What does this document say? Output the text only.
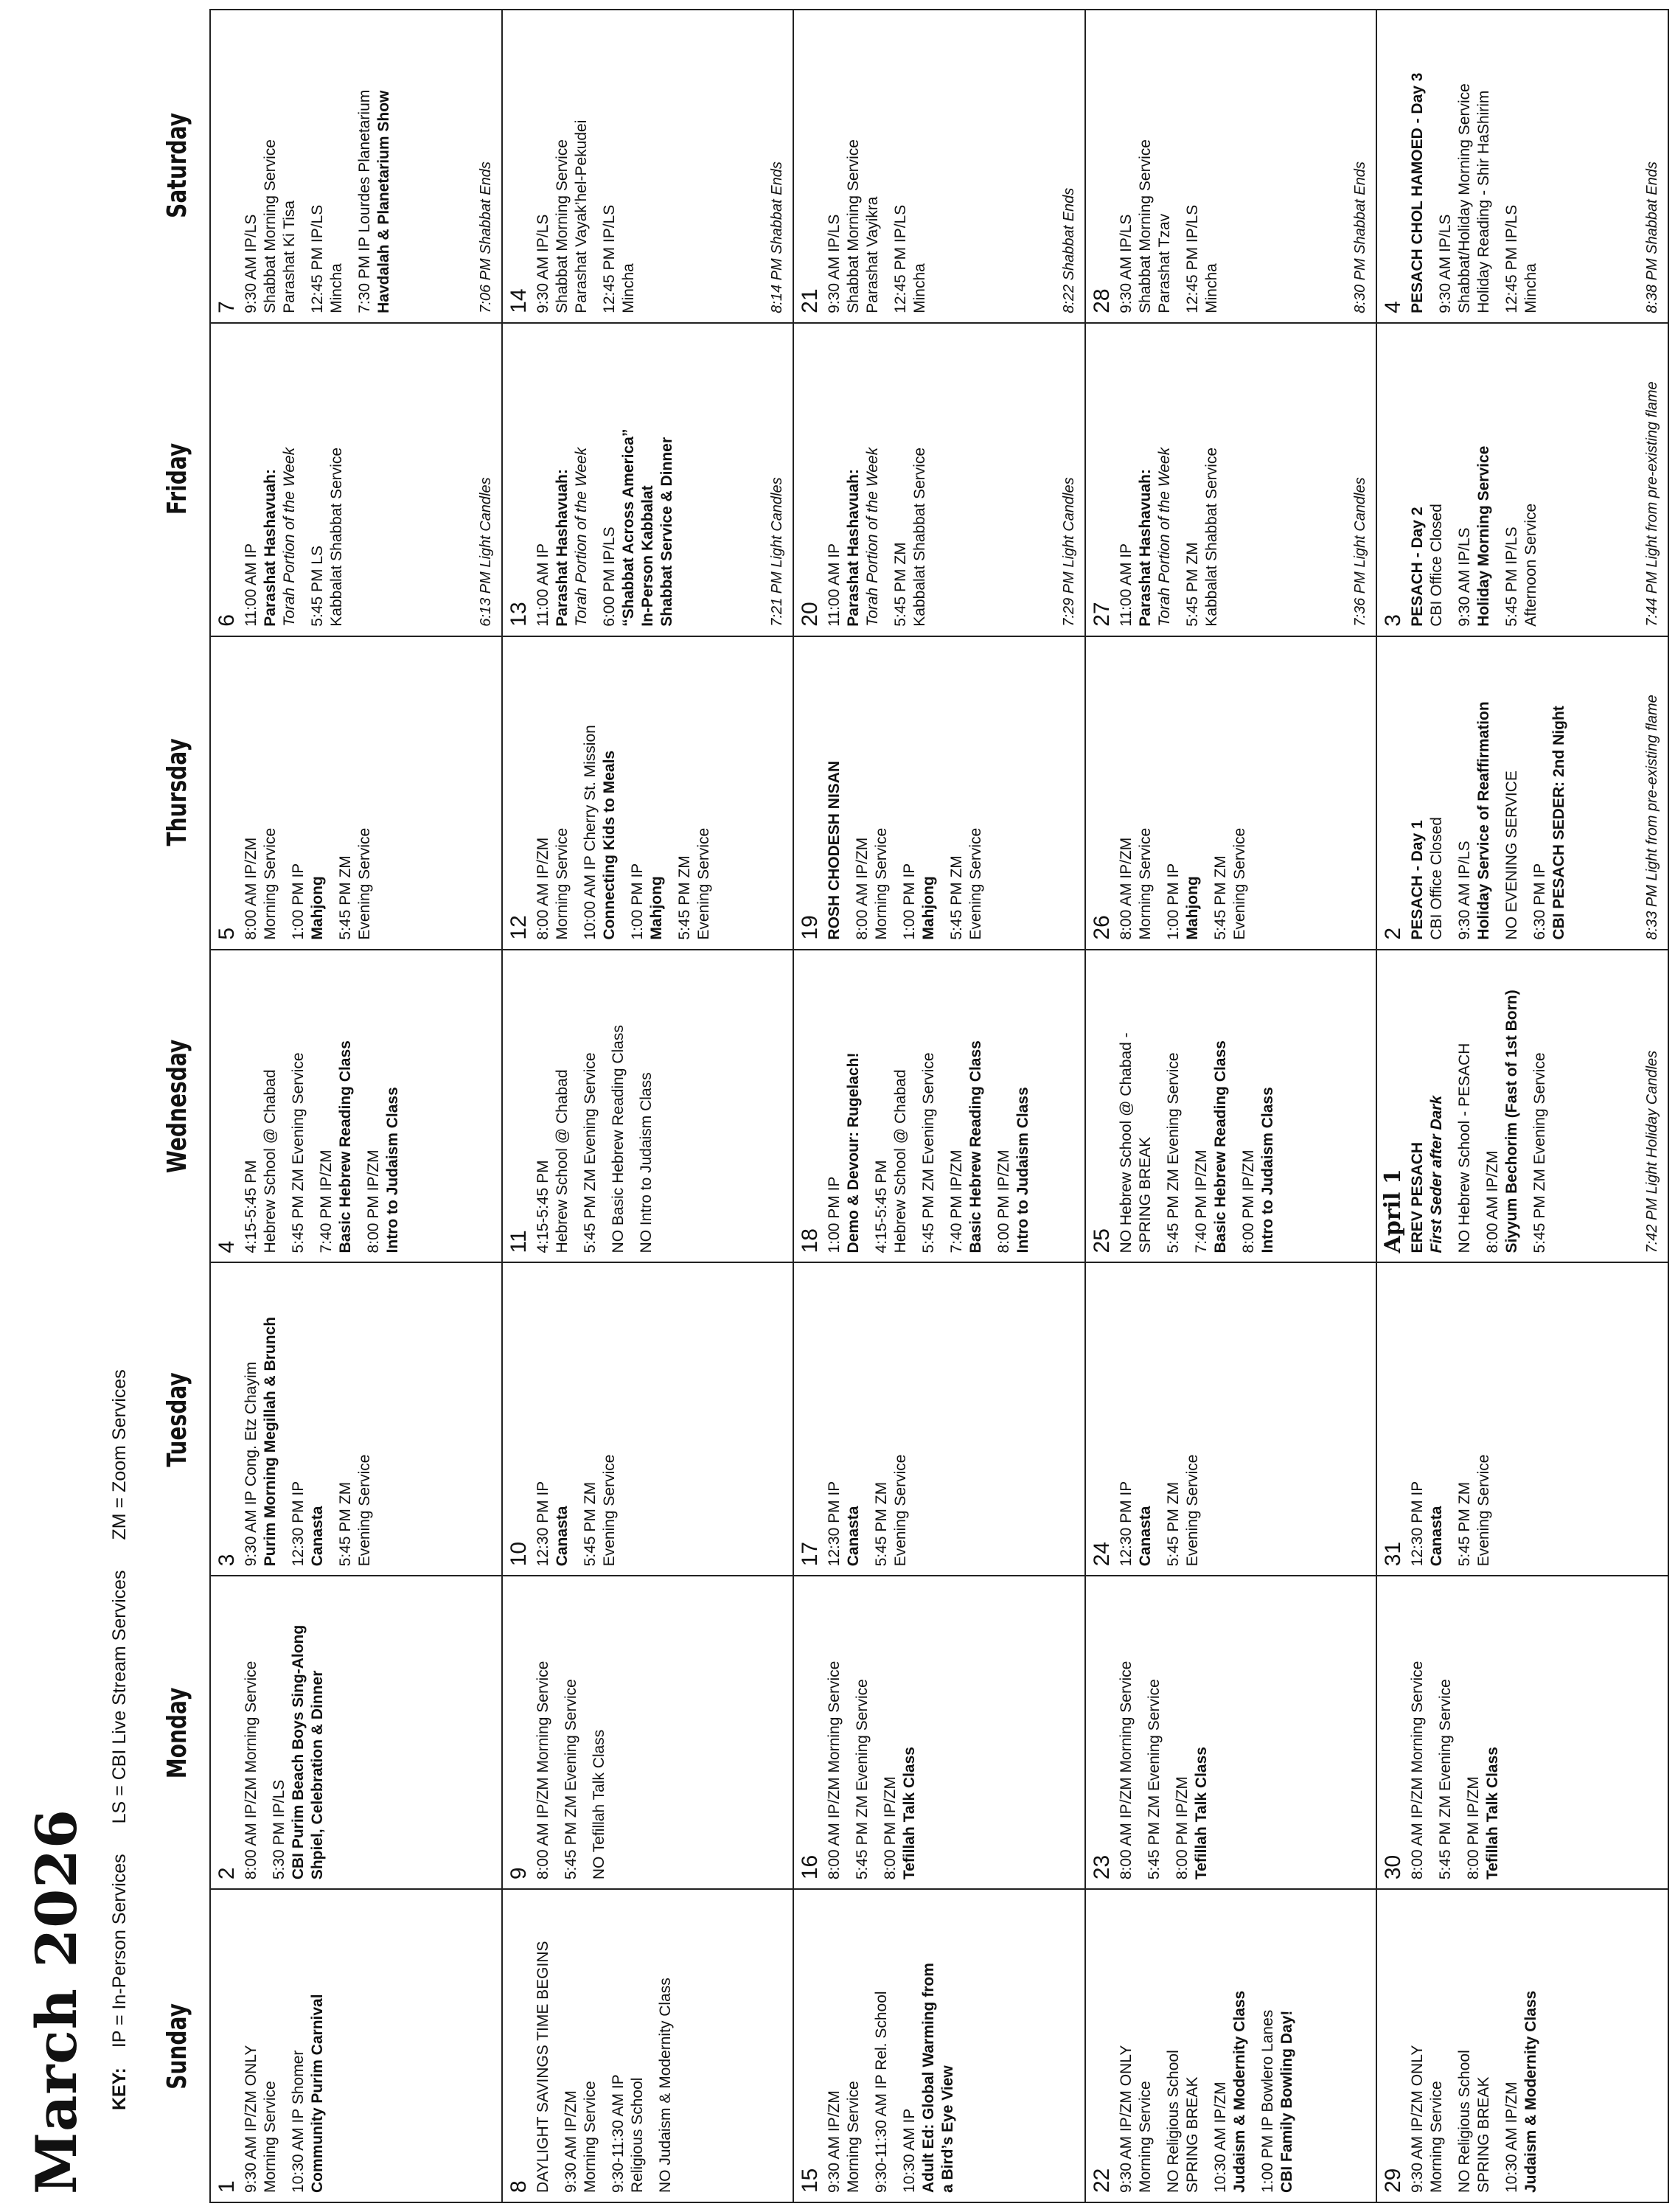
March 2026 KEY: IP = In-Person Services LS = CBI Live Stream Services ZM = Zoom Services
Sunday
Monday
Tuesday
Wednesday
Thursday
Friday
Saturday
1 9:30 AM IP/ZM ONLY Morning Service 10:30 AM IP Shomer Community Purim Carnival
2 8:00 AM IP/ZM Morning Service 5:30 PM IP/LS CBI Purim Beach Boys Sing-Along Shpiel, Celebration & Dinner
3 9:30 AM IP Cong. Etz Chayim Purim Morning Megillah & Brunch 12:30 PM IP Canasta 5:45 PM ZM Evening Service
4 4:15-5:45 PM Hebrew School @ Chabad 5:45 PM ZM Evening Service 7:40 PM IP/ZM Basic Hebrew Reading Class 8:00 PM IP/ZM Intro to Judaism Class
5 8:00 AM IP/ZM Morning Service 1:00 PM IP Mahjong 5:45 PM ZM Evening Service
6 11:00 AM IP Parashat Hashavuah: Torah Portion of the Week 5:45 PM LS Kabbalat Shabbat Service	6:13 PM Light Candles
7 9:30 AM IP/LS Shabbat Morning Service Parashat Ki Tisa 12:45 PM IP/LS Mincha 7:30 PM IP Lourdes Planetarium Havdalah & Planetarium Show	7:06 PM Shabbat Ends
8 DAYLIGHT SAVINGS TIME BEGINS 9:30 AM IP/ZM Morning Service 9:30-11:30 AM IP Religious School NO Judaism & Modernity Class
9 8:00 AM IP/ZM Morning Service 5:45 PM ZM Evening Service NO Tefillah Talk Class
10 12:30 PM IP Canasta 5:45 PM ZM Evening Service
11 4:15-5:45 PM Hebrew School @ Chabad 5:45 PM ZM Evening Service NO Basic Hebrew Reading Class NO Intro to Judaism Class
12 8:00 AM IP/ZM Morning Service 10:00 AM IP Cherry St. Mission Connecting Kids to Meals 1:00 PM IP Mahjong 5:45 PM ZM Evening Service
13 11:00 AM IP Parashat Hashavuah: Torah Portion of the Week 6:00 PM IP/LS “Shabbat Across America” In-Person Kabbalat Shabbat Service & Dinner	7:21 PM Light Candles
14 9:30 AM IP/LS Shabbat Morning Service Parashat Vayak’hel-Pekudei 12:45 PM IP/LS Mincha	8:14 PM Shabbat Ends
15 9:30 AM IP/ZM Morning Service 9:30-11:30 AM IP Rel. School 10:30 AM IP Adult Ed: Global Warming from a Bird’s Eye View
16 8:00 AM IP/ZM Morning Service 5:45 PM ZM Evening Service 8:00 PM IP/ZM Tefillah Talk Class
17 12:30 PM IP Canasta 5:45 PM ZM Evening Service
18 1:00 PM IP Demo & Devour: Rugelach! 4:15-5:45 PM Hebrew School @ Chabad 5:45 PM ZM Evening Service 7:40 PM IP/ZM Basic Hebrew Reading Class 8:00 PM IP/ZM Intro to Judaism Class
19 ROSH CHODESH NISAN 8:00 AM IP/ZM Morning Service 1:00 PM IP Mahjong 5:45 PM ZM Evening Service
20 11:00 AM IP Parashat Hashavuah: Torah Portion of the Week 5:45 PM ZM Kabbalat Shabbat Service	7:29 PM Light Candles
21 9:30 AM IP/LS Shabbat Morning Service Parashat Vayikra 12:45 PM IP/LS Mincha	8:22 Shabbat Ends
22 9:30 AM IP/ZM ONLY Morning Service NO Religious School SPRING BREAK 10:30 AM IP/ZM Judaism & Modernity Class 1:00 PM IP Bowlero Lanes CBI Family Bowling Day!
23 8:00 AM IP/ZM Morning Service 5:45 PM ZM Evening Service 8:00 PM IP/ZM Tefillah Talk Class
24 12:30 PM IP Canasta 5:45 PM ZM Evening Service
25 NO Hebrew School @ Chabad - SPRING BREAK 5:45 PM ZM Evening Service 7:40 PM IP/ZM Basic Hebrew Reading Class 8:00 PM IP/ZM Intro to Judaism Class
26 8:00 AM IP/ZM Morning Service 1:00 PM IP Mahjong 5:45 PM ZM Evening Service
27 11:00 AM IP Parashat Hashavuah: Torah Portion of the Week 5:45 PM ZM Kabbalat Shabbat Service	7:36 PM Light Candles
28 9:30 AM IP/LS Shabbat Morning Service Parashat Tzav 12:45 PM IP/LS Mincha	8:30 PM Shabbat Ends
29 9:30 AM IP/ZM ONLY Morning Service NO Religious School SPRING BREAK 10:30 AM IP/ZM Judaism & Modernity Class
30 8:00 AM IP/ZM Morning Service 5:45 PM ZM Evening Service 8:00 PM IP/ZM Tefillah Talk Class
31 12:30 PM IP Canasta 5:45 PM ZM Evening Service
April 1 EREV PESACH First Seder after Dark NO Hebrew School - PESACH 8:00 AM IP/ZM Siyyum Bechorim (Fast of 1st Born) 5:45 PM ZM Evening Service	7:42 PM Light Holiday Candles
2 PESACH - Day 1 CBI Office Closed 9:30 AM IP/LS Holiday Service of Reaffirmation NO EVENING SERVICE 6:30 PM IP CBI PESACH SEDER: 2nd Night	8:33 PM Light from pre-existing flame
3 PESACH - Day 2 CBI Office Closed 9:30 AM IP/LS Holiday Morning Service 5:45 PM IP/LS Afternoon Service	7:44 PM Light from pre-existing flame
4 PESACH CHOL HAMOED - Day 3 9:30 AM IP/LS Shabbat/Holiday Morning Service Holiday Reading - Shir HaShirim 12:45 PM IP/LS Mincha	8:38 PM Shabbat Ends
